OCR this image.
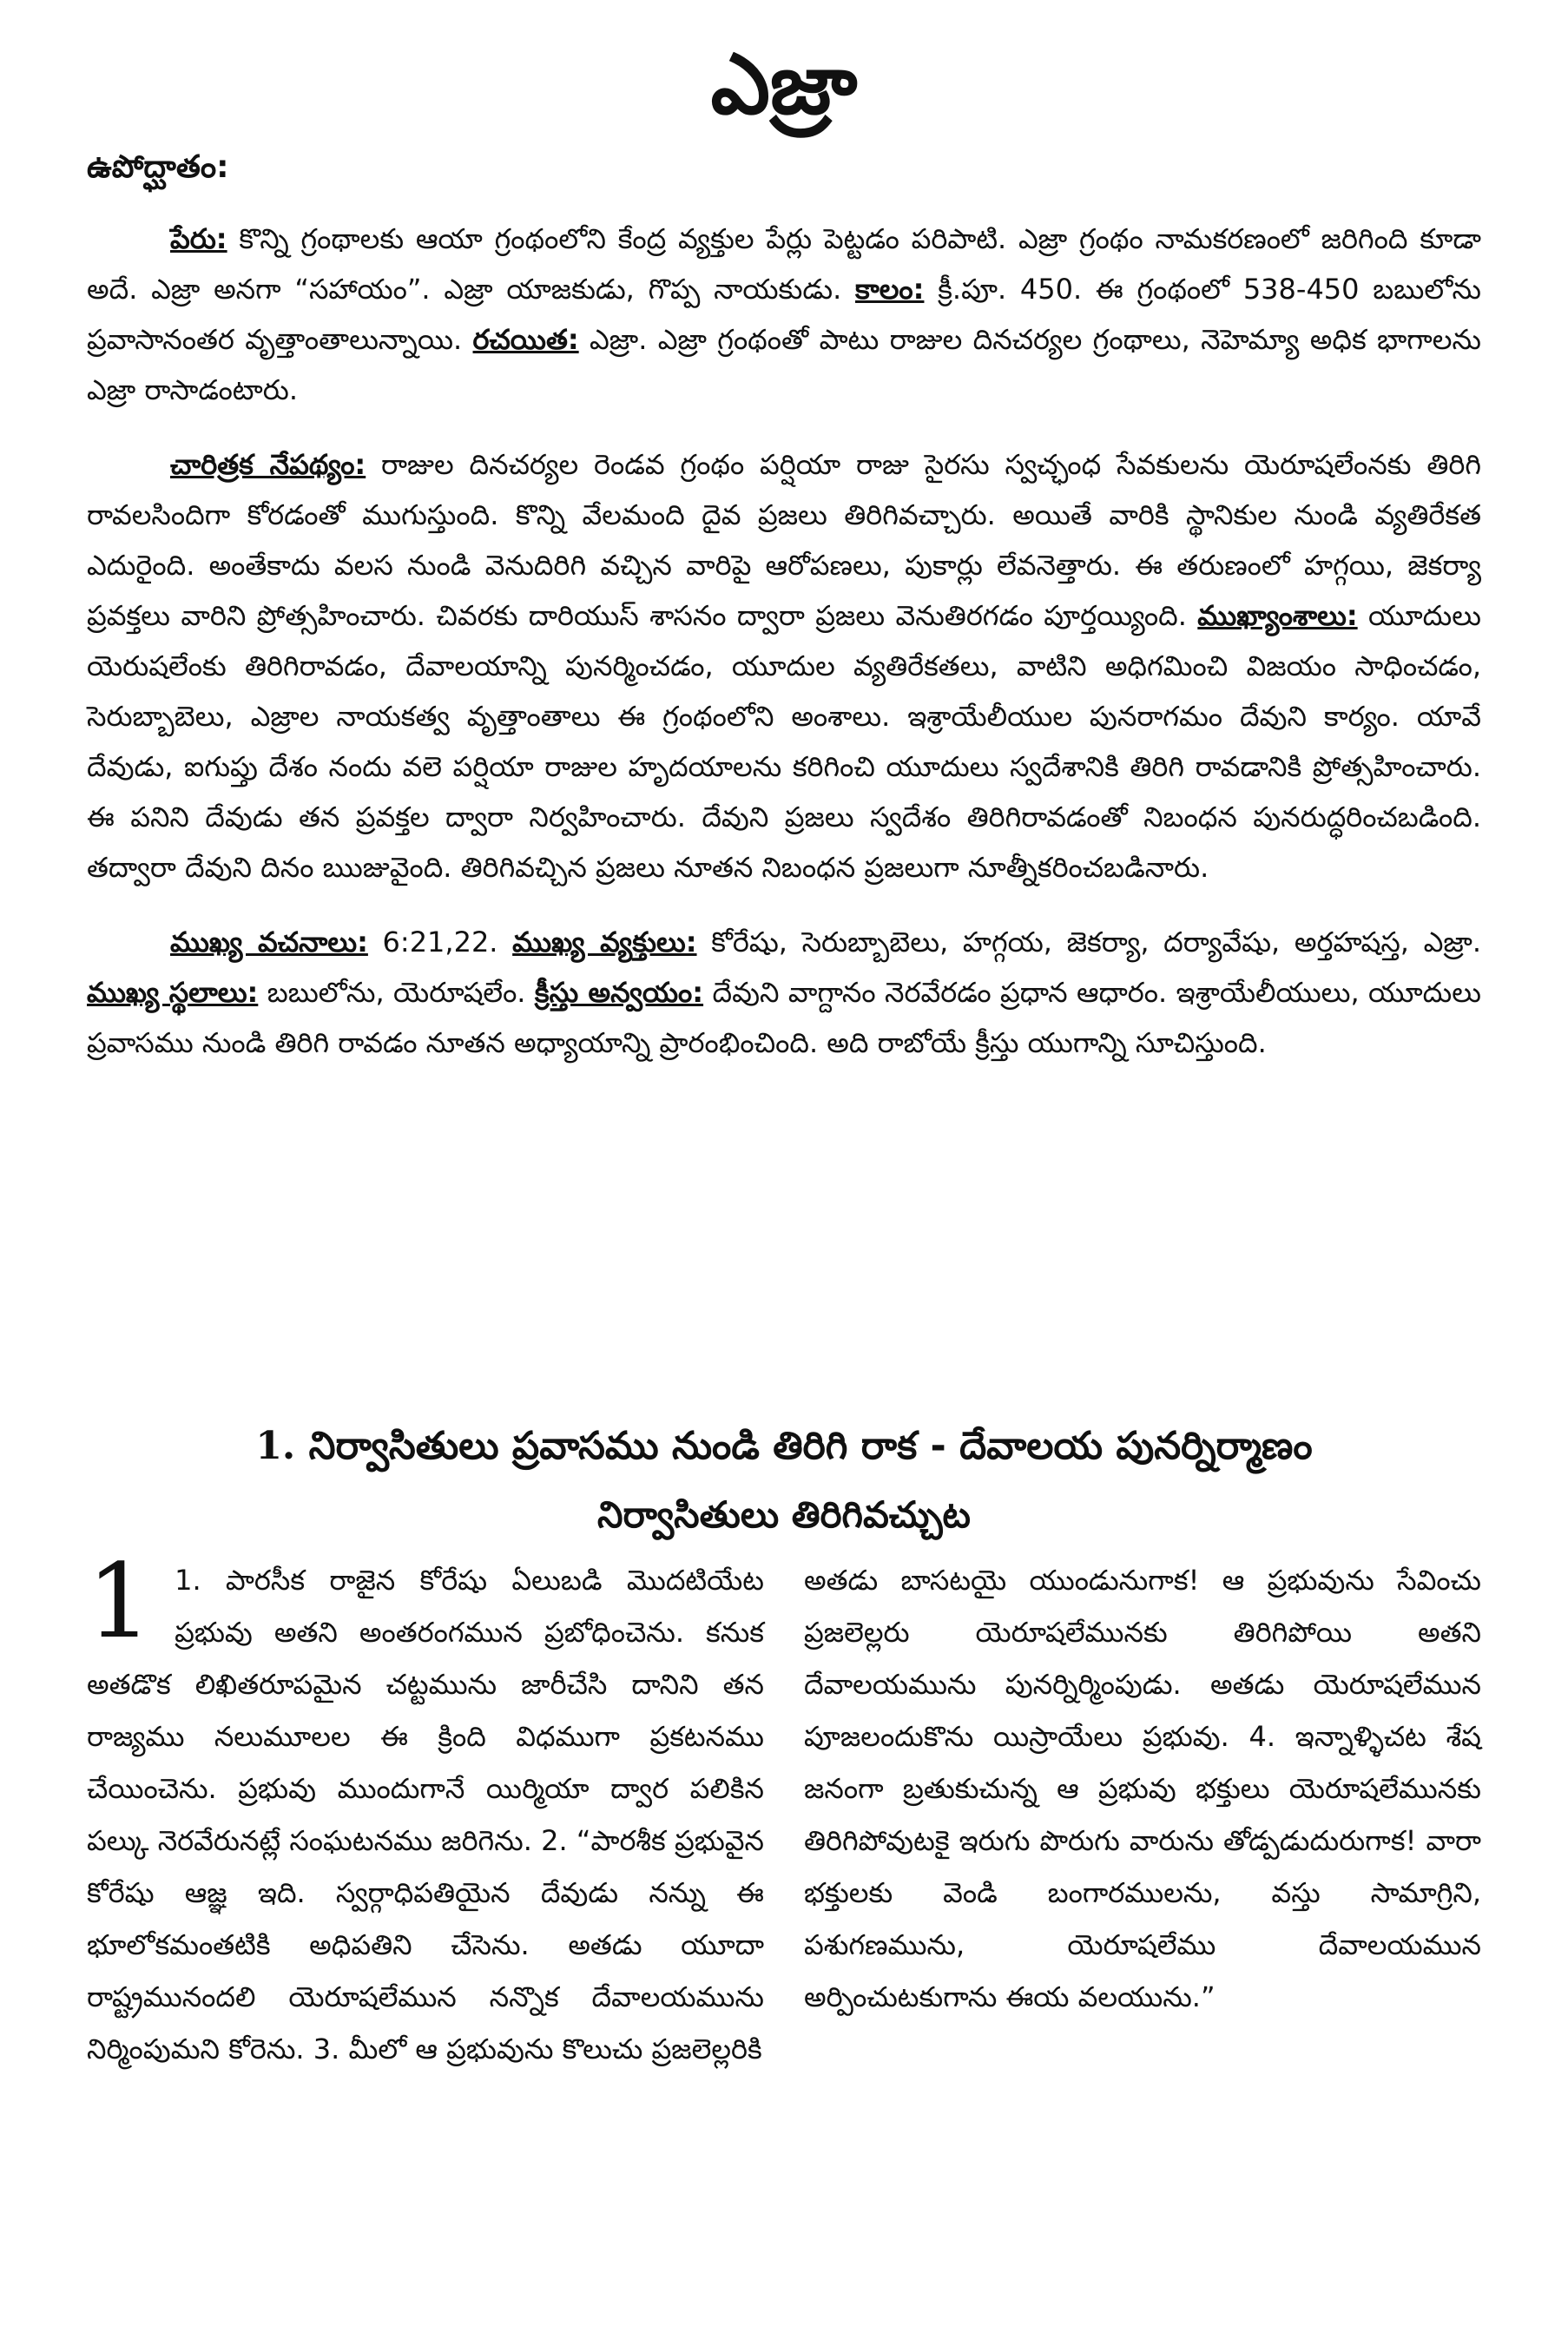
ఎజ్రా
ఉపోద్ఘాతం:

పేరు: కొన్ని గ్రంథాలకు ఆయా గ్రంథంలోని కేంద్ర వ్యక్తుల పేర్లు పెట్టడం పరిపాటి. ఎజ్రా గ్రంథం నామకరణంలో జరిగింది కూడా అదే. ఎజ్రా అనగా “సహాయం”. ఎజ్రా యాజకుడు, గొప్ప నాయకుడు. కాలం: క్రీ.పూ. 450. ఈ గ్రంథంలో 538-450 బబులోను ప్రవాసానంతర వృత్తాంతాలున్నాయి. రచయిత: ఎజ్రా. ఎజ్రా గ్రంథంతో పాటు రాజుల దినచర్యల గ్రంథాలు, నెహెమ్యా అధిక భాగాలను ఎజ్రా రాసాడంటారు.

చారిత్రక నేపథ్యం: రాజుల దినచర్యల రెండవ గ్రంథం పర్షియా రాజు సైరసు స్వచ్ఛంధ సేవకులను యెరూషలేంనకు తిరిగి రావలసిందిగా కోరడంతో ముగుస్తుంది. కొన్ని వేలమంది దైవ ప్రజలు తిరిగివచ్చారు. అయితే వారికి స్థానికుల నుండి వ్యతిరేకత ఎదురైంది. అంతేకాదు వలస నుండి వెనుదిరిగి వచ్చిన వారిపై ఆరోపణలు, పుకార్లు లేవనెత్తారు. ఈ తరుణంలో హగ్గయి, జెకర్యా ప్రవక్తలు వారిని ప్రోత్సహించారు. చివరకు దారియుస్ శాసనం ద్వారా ప్రజలు వెనుతిరగడం పూర్తయ్యింది. ముఖ్యాంశాలు: యూదులు యెరుషలేంకు తిరిగిరావడం, దేవాలయాన్ని పునర్మించడం, యూదుల వ్యతిరేకతలు, వాటిని అధిగమించి విజయం సాధించడం, సెరుబ్బాబెలు, ఎజ్రాల నాయకత్వ వృత్తాంతాలు ఈ గ్రంథంలోని అంశాలు. ఇశ్రాయేలీయుల పునరాగమం దేవుని కార్యం. యావే దేవుడు, ఐగుప్తు దేశం నందు వలె పర్షియా రాజుల హృదయాలను కరిగించి యూదులు స్వదేశానికి తిరిగి రావడానికి ప్రోత్సహించారు. ఈ పనిని దేవుడు తన ప్రవక్తల ద్వారా నిర్వహించారు. దేవుని ప్రజలు స్వదేశం తిరిగిరావడంతో నిబంధన పునరుద్ధరించబడింది. తద్వారా దేవుని దినం ఋజువైంది. తిరిగివచ్చిన ప్రజలు నూతన నిబంధన ప్రజలుగా నూత్నీకరించబడినారు.

ముఖ్య వచనాలు: 6:21,22. ముఖ్య వ్యక్తులు: కోరేషు, సెరుబ్బాబెలు, హగ్గయ, జెకర్యా, దర్యావేషు, అర్తహషస్త, ఎజ్రా. ముఖ్య స్థలాలు: బబులోను, యెరూషలేం. క్రీస్తు అన్వయం: దేవుని వాగ్దానం నెరవేరడం ప్రధాన ఆధారం. ఇశ్రాయేలీయులు, యూదులు ప్రవాసము నుండి తిరిగి రావడం నూతన అధ్యాయాన్ని ప్రారంభించింది. అది రాబోయే క్రీస్తు యుగాన్ని సూచిస్తుంది.

1. నిర్వాసితులు ప్రవాసము నుండి తిరిగి రాక - దేవాలయ పునర్నిర్మాణం
నిర్వాసితులు తిరిగివచ్చుట
1 1. పారసీక రాజైన కోరేషు ఏలుబడి మొదటియేట ప్రభువు అతని అంతరంగమున ప్రబోధించెను. కనుక అతడొక లిఖితరూపమైన చట్టమును జారీచేసి దానిని తన రాజ్యము నలుమూలల ఈ క్రింది విధముగా ప్రకటనము చేయించెను. ప్రభువు ముందుగానే యిర్మియా ద్వార పలికిన పల్కు నెరవేరునట్లే సంఘటనము జరిగెను. 2. “పారశీక ప్రభువైన కోరేషు ఆజ్ఞ ఇది. స్వర్గాధిపతియైన దేవుడు నన్ను ఈ భూలోకమంతటికి అధిపతిని చేసెను. అతడు యూదా రాష్ట్రమునందలి యెరూషలేమున నన్నొక దేవాలయమును నిర్మింపుమని కోరెను. 3. మీలో ఆ ప్రభువును కొలుచు ప్రజలెల్లరికి
అతడు బాసటయై యుండునుగాక! ఆ ప్రభువును సేవించు ప్రజలెల్లరు యెరూషలేమునకు తిరిగిపోయి అతని దేవాలయమును పునర్నిర్మింపుడు. అతడు యెరూషలేమున పూజలందుకొను యిస్రాయేలు ప్రభువు. 4. ఇన్నాళ్ళిచట శేష జనంగా బ్రతుకుచున్న ఆ ప్రభువు భక్తులు యెరూషలేమునకు తిరిగిపోవుటకై ఇరుగు పొరుగు వారును తోడ్పడుదురుగాక! వారా భక్తులకు వెండి బంగారములను, వస్తు సామాగ్రిని, పశుగణమును, యెరూషలేము దేవాలయమున అర్పించుటకుగాను ఈయ వలయును.”
